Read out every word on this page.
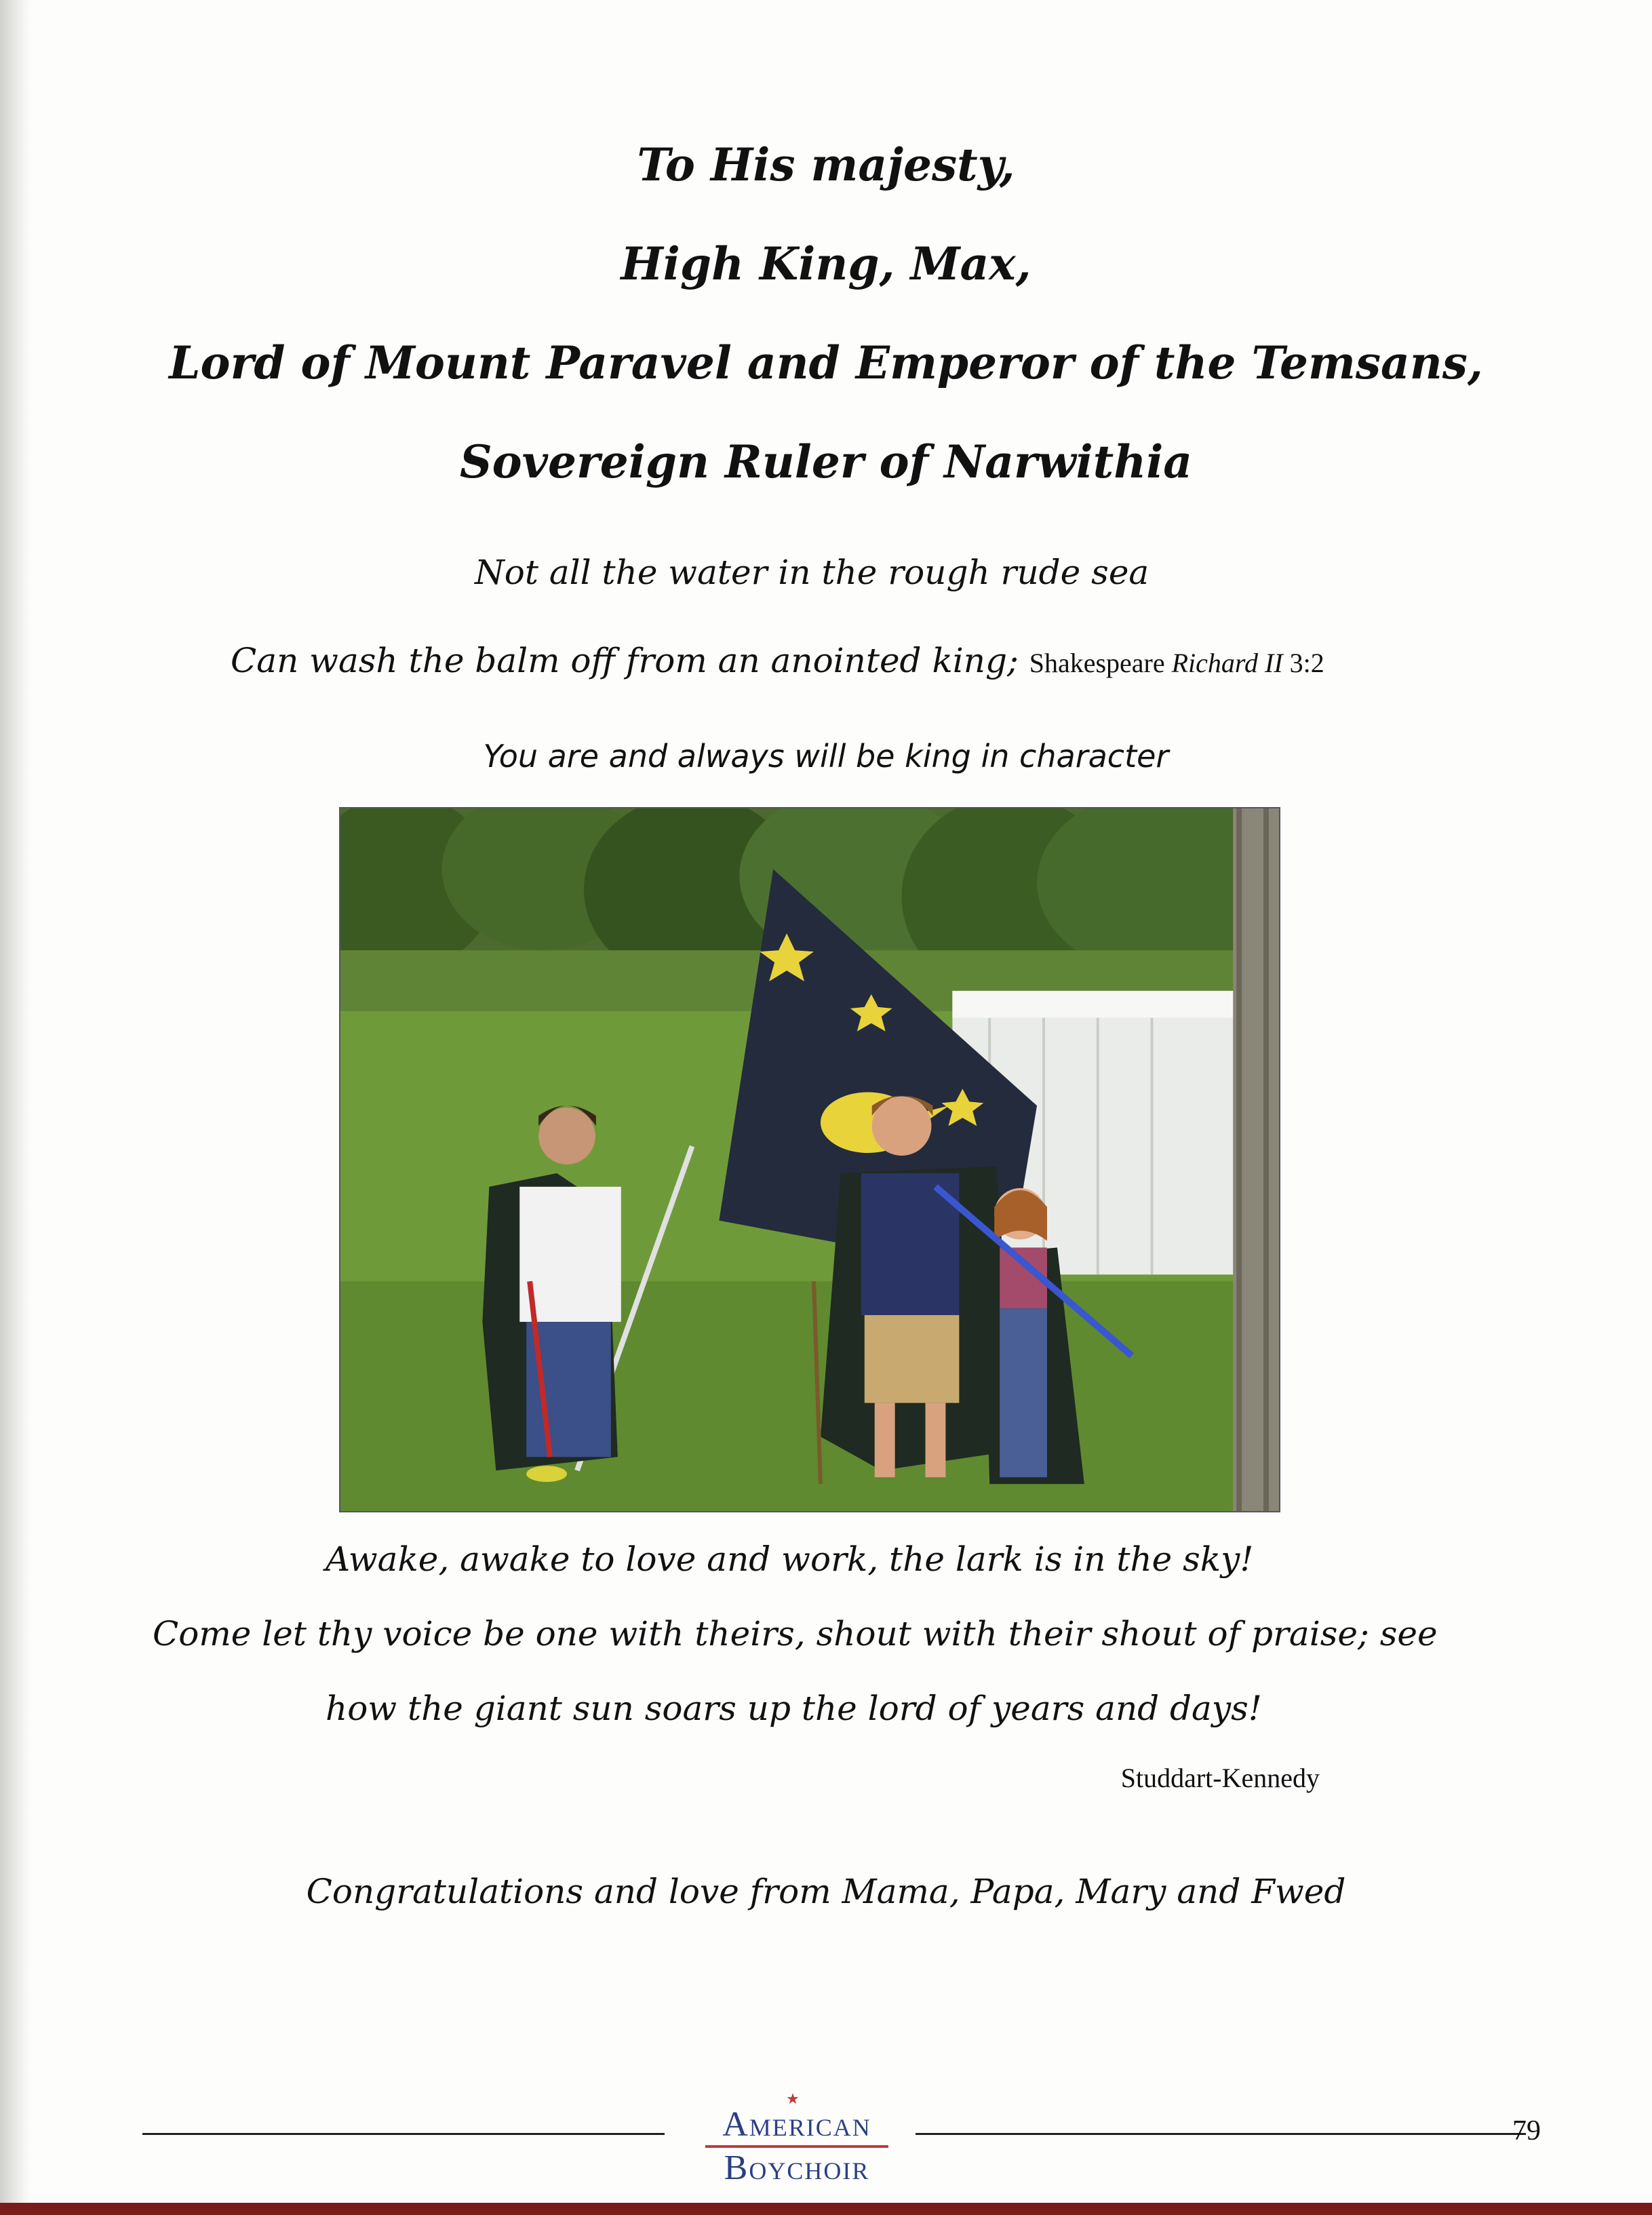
To His majesty,
High King, Max,
Lord of Mount Paravel and Emperor of the Temsans,
Sovereign Ruler of Narwithia
Not all the water in the rough rude sea
Can wash the balm off from an anointed king; Shakespeare Richard II 3:2
You are and always will be king in character
Awake, awake to love and work, the lark is in the sky!
Come let thy voice be one with theirs, shout with their shout of praise; see
how the giant sun soars up the lord of years and days!
Studdart-Kennedy
Congratulations and love from Mama, Papa, Mary and Fwed
★
American
Boychoir
79
